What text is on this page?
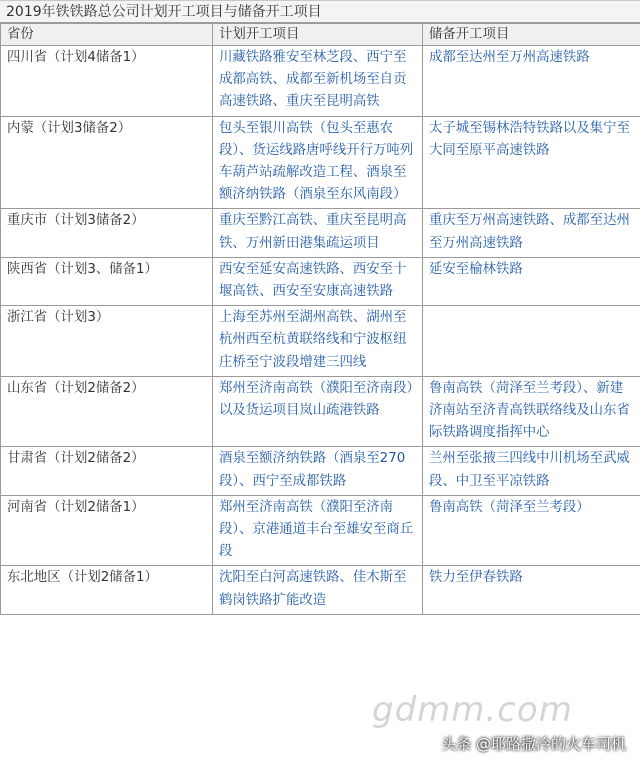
2019年铁铁路总公司计划开工项目与储备开工项目
省份	计划开工项目	储备开工项目
四川省（计划4储备1）	川藏铁路雅安至林芝段、西宁至成都高铁、成都至新机场至自贡高速铁路、重庆至昆明高铁	成都至达州至万州高速铁路
内蒙（计划3储备2）	包头至银川高铁（包头至惠农段）、货运线路唐呼线开行万吨列车葫芦站疏解改造工程、酒泉至额济纳铁路（酒泉至东风南段）	太子城至锡林浩特铁路以及集宁至大同至原平高速铁路
重庆市（计划3储备2）	重庆至黔江高铁、重庆至昆明高铁、万州新田港集疏运项目	重庆至万州高速铁路、成都至达州至万州高速铁路
陕西省（计划3、储备1）	西安至延安高速铁路、西安至十堰高铁、西安至安康高速铁路	延安至榆林铁路
浙江省（计划3）	上海至苏州至湖州高铁、湖州至杭州西至杭黄联络线和宁波枢纽庄桥至宁波段增建三四线	
山东省（计划2储备2）	郑州至济南高铁（濮阳至济南段）以及货运项目岚山疏港铁路	鲁南高铁（菏泽至兰考段）、新建济南站至济青高铁联络线及山东省际铁路调度指挥中心
甘肃省（计划2储备2）	酒泉至额济纳铁路（酒泉至270段）、西宁至成都铁路	兰州至张掖三四线中川机场至武威段、中卫至平凉铁路
河南省（计划2储备1）	郑州至济南高铁（濮阳至济南段）、京港通道丰台至雄安至商丘段	鲁南高铁（菏泽至兰考段）
东北地区（计划2储备1）	沈阳至白河高速铁路、佳木斯至鹤岗铁路扩能改造	铁力至伊春铁路
gdmm.com
头条 @耶路撒冷的火车司机
